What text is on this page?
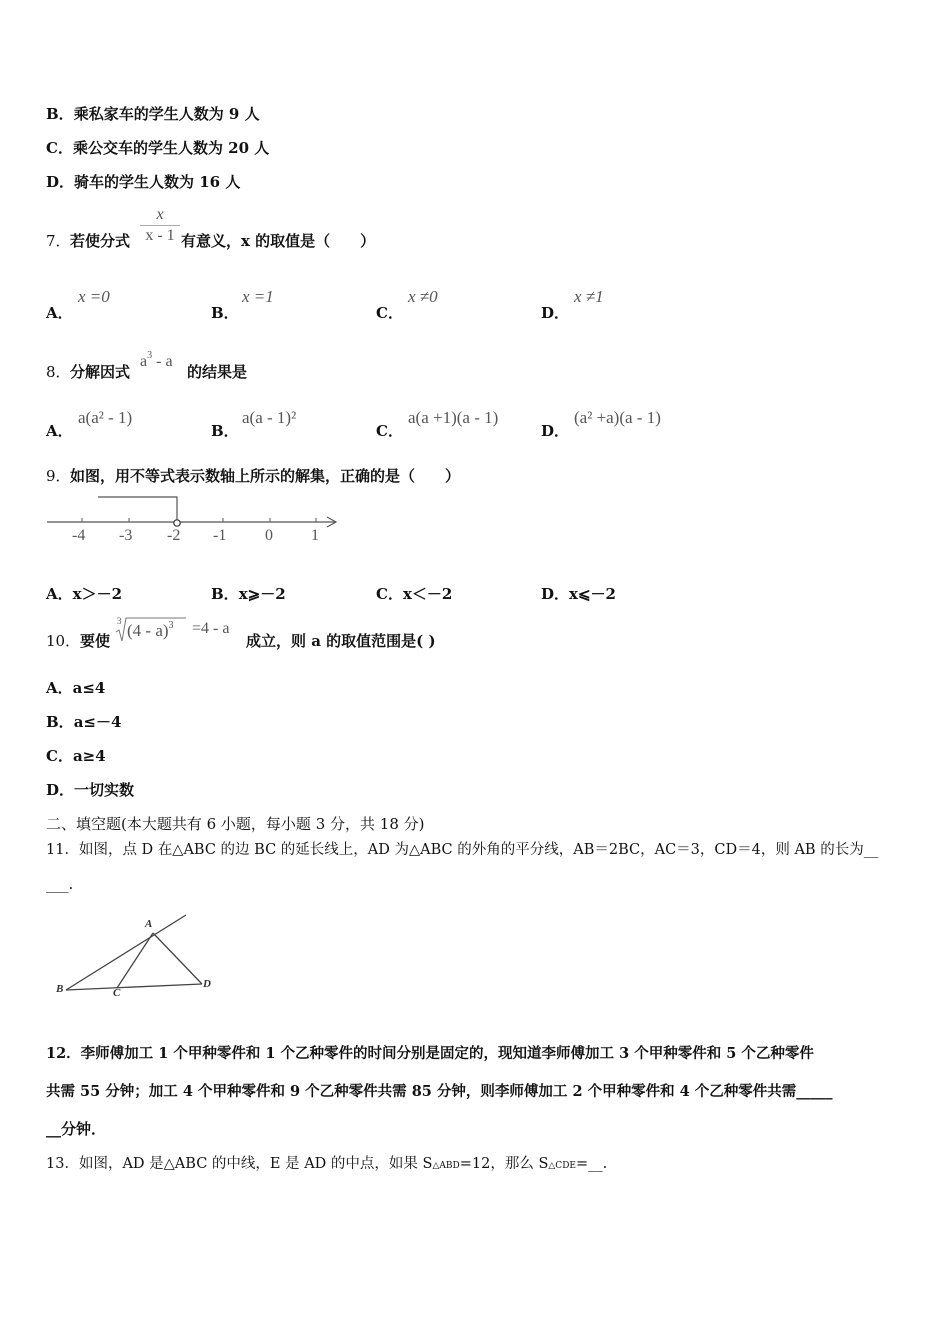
B．乘私家车的学生人数为 9 人
C．乘公交车的学生人数为 20 人
D．骑车的学生人数为 16 人
7． 若使分式 $\frac{x}{x - 1}$ 有意义，x 的取值是（　　）
A．
x =0
B．
x =1
C．
x ≠0
D．
x ≠1
8． 分解因式
$a^3$ - a
的结果是
A．
a(a² - 1)
B．
a(a - 1)²
C．
a(a +1)(a - 1)
D．
(a² +a)(a - 1)
9． 如图，用不等式表示数轴上所示的解集，正确的是（　　）
-4 -3 -2 -1 0 1
A．x＞－2	B．x⩾－2	C．x＜－2	D．x⩽－2
10． 要使
3 (4 - a)$^3$ =4 - a
成立，则 a 的取值范围是( )
A．a≤4
B．a≤－4
C．a≥4
D．一切实数
二、填空题(本大题共有 6 小题，每小题 3 分，共 18 分)
11．如图，点 D 在△ABC 的边 BC 的延长线上，AD 为△ABC 的外角的平分线，AB＝2BC，AC＝3，CD＝4，则 AB 的长为__
___.
A
B	C
D
12．李师傅加工 1 个甲种零件和 1 个乙种零件的时间分别是固定的，现知道李师傅加工 3 个甲种零件和 5 个乙种零件
共需 55 分钟；加工 4 个甲种零件和 9 个乙种零件共需 85 分钟，则李师傅加工 2 个甲种零件和 4 个乙种零件共需_____
__分钟．
13．如图，AD 是△ABC 的中线，E 是 AD 的中点，如果 S△ABD=12，那么 S△CDE=__.
